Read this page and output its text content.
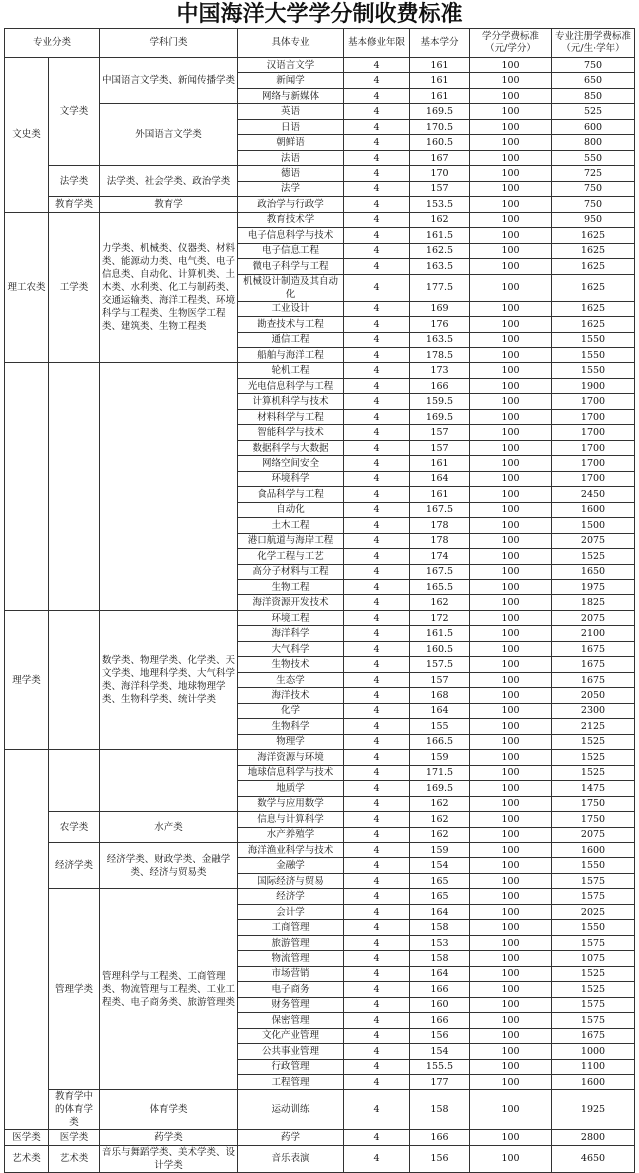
中国海洋大学学分制收费标准
专业分类		学科门类	具体专业	基本修业年限	基本学分	学分学费标准（元/学分）	专业注册学费标准（元/生·学年）
文史类	文学类	中国语言文学类、新闻传播学类	汉语言文学	4	161	100	750
			新闻学	4	161	100	650
			网络与新媒体	4	161	100	850
		外国语言文学类	英语	4	169.5	100	525
			日语	4	170.5	100	600
			朝鲜语	4	160.5	100	800
			法语	4	167	100	550
	法学类	法学类、社会学类、政治学类	德语	4	170	100	725
			法学	4	157	100	750
	教育学类	教育学	政治学与行政学	4	153.5	100	750
理工农类	工学类	力学类、机械类、仪器类、材料类、能源动力类、电气类、电子信息类、自动化、计算机类、土木类、水利类、化工与制药类、交通运输类、海洋工程类、环境科学与工程类、生物医学工程类、建筑类、生物工程类	教育技术学	4	162	100	950
			电子信息科学与技术	4	161.5	100	1625
			电子信息工程	4	162.5	100	1625
			微电子科学与工程	4	163.5	100	1625
			机械设计制造及其自动化	4	177.5	100	1625
			工业设计	4	169	100	1625
			勘查技术与工程	4	176	100	1625
			通信工程	4	163.5	100	1550
			船舶与海洋工程	4	178.5	100	1550
			轮机工程	4	173	100	1550
			光电信息科学与工程	4	166	100	1900
			计算机科学与技术	4	159.5	100	1700
			材料科学与工程	4	169.5	100	1700
			智能科学与技术	4	157	100	1700
			数据科学与大数据	4	157	100	1700
			网络空间安全	4	161	100	1700
			环境科学	4	164	100	1700
			食品科学与工程	4	161	100	2450
			自动化	4	167.5	100	1600
			土木工程	4	178	100	1500
			港口航道与海岸工程	4	178	100	2075
			化学工程与工艺	4	174	100	1525
			高分子材料与工程	4	167.5	100	1650
			生物工程	4	165.5	100	1975
			海洋资源开发技术	4	162	100	1825
理学类		数学类、物理学类、化学类、天文学类、地理科学类、大气科学类、海洋科学类、地球物理学类、生物科学类、统计学类	环境工程	4	172	100	2075
			海洋科学	4	161.5	100	2100
			大气科学	4	160.5	100	1675
			生物技术	4	157.5	100	1675
			生态学	4	157	100	1675
			海洋技术	4	168	100	2050
			化学	4	164	100	2300
			生物科学	4	155	100	2125
			物理学	4	166.5	100	1525
			海洋资源与环境	4	159	100	1525
			地球信息科学与技术	4	171.5	100	1525
			地质学	4	169.5	100	1475
			数学与应用数学	4	162	100	1750
	农学类	水产类	信息与计算科学	4	162	100	1750
			水产养殖学	4	162	100	2075
	经济学类	经济学类、财政学类、金融学类、经济与贸易类	海洋渔业科学与技术	4	159	100	1600
			金融学	4	154	100	1550
			国际经济与贸易	4	165	100	1575
	管理学类	管理科学与工程类、工商管理类、物流管理与工程类、工业工程类、电子商务类、旅游管理类	经济学	4	165	100	1575
			会计学	4	164	100	2025
			工商管理	4	158	100	1550
			旅游管理	4	153	100	1575
			物流管理	4	158	100	1075
			市场营销	4	164	100	1525
			电子商务	4	166	100	1525
			财务管理	4	160	100	1575
			保密管理	4	166	100	1575
			文化产业管理	4	156	100	1675
			公共事业管理	4	154	100	1000
			行政管理	4	155.5	100	1100
			工程管理	4	177	100	1600
	教育学中的体育学类	体育学类	运动训练	4	158	100	1925
医学类	医学类	药学类	药学	4	166	100	2800
艺术类	艺术类	音乐与舞蹈学类、美术学类、设计学类	音乐表演	4	156	100	4650
